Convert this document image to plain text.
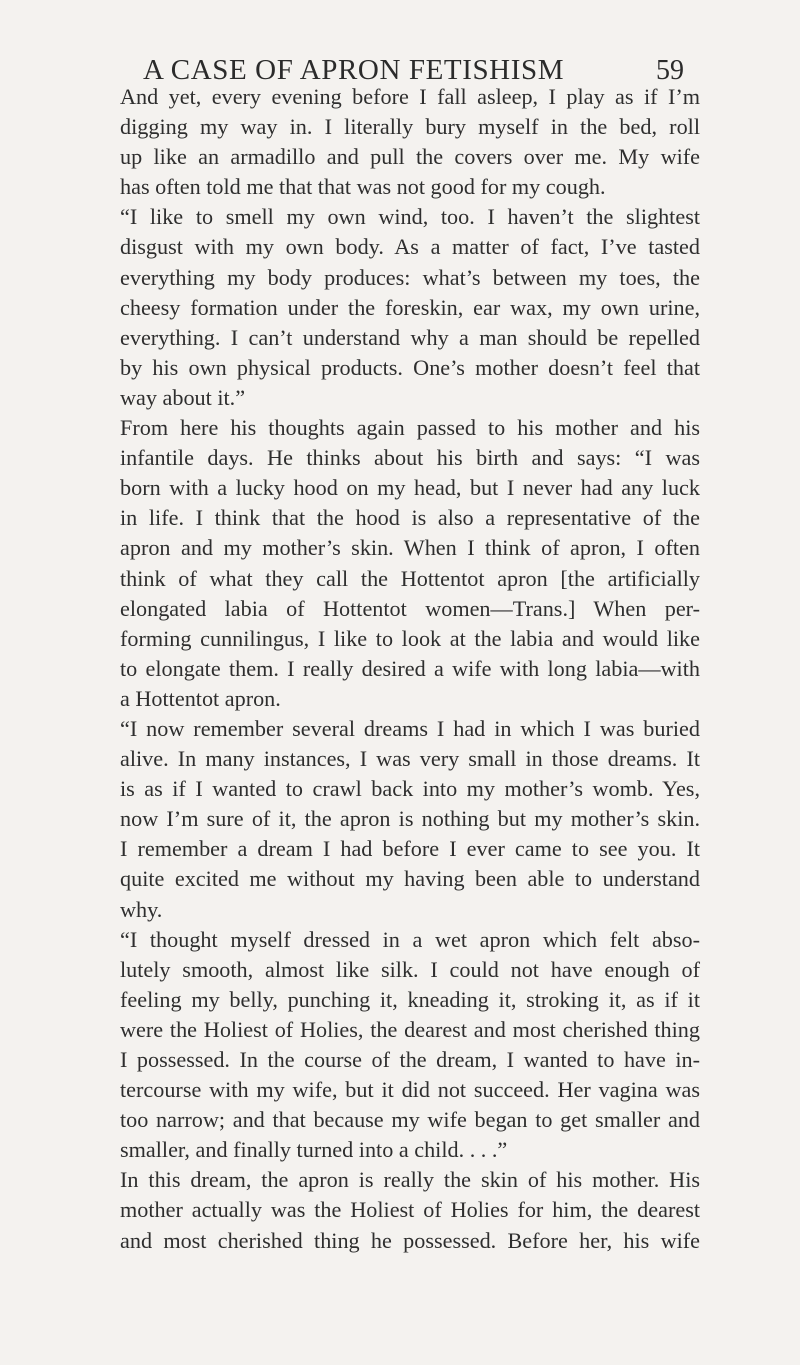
A CASE OF APRON FETISHISM	59

And yet, every evening before I fall asleep, I play as if I’m
digging my way in. I literally bury myself in the bed, roll
up like an armadillo and pull the covers over me. My wife
has often told me that that was not good for my cough.

“I like to smell my own wind, too. I haven’t the slightest
disgust with my own body. As a matter of fact, I’ve tasted
everything my body produces: what’s between my toes, the
cheesy formation under the foreskin, ear wax, my own urine,
everything. I can’t understand why a man should be repelled
by his own physical products. One’s mother doesn’t feel that
way about it.”

From here his thoughts again passed to his mother and his
infantile days. He thinks about his birth and says: “I was
born with a lucky hood on my head, but I never had any luck
in life. I think that the hood is also a representative of the
apron and my mother’s skin. When I think of apron, I often
think of what they call the Hottentot apron [the artificially
elongated labia of Hottentot women—Trans.] When per-
forming cunnilingus, I like to look at the labia and would like
to elongate them. I really desired a wife with long labia—with
a Hottentot apron.

“I now remember several dreams I had in which I was buried
alive. In many instances, I was very small in those dreams. It
is as if I wanted to crawl back into my mother’s womb. Yes,
now I’m sure of it, the apron is nothing but my mother’s skin.
I remember a dream I had before I ever came to see you. It
quite excited me without my having been able to understand
why.

“I thought myself dressed in a wet apron which felt abso-
lutely smooth, almost like silk. I could not have enough of
feeling my belly, punching it, kneading it, stroking it, as if it
were the Holiest of Holies, the dearest and most cherished thing
I possessed. In the course of the dream, I wanted to have in-
tercourse with my wife, but it did not succeed. Her vagina was
too narrow; and that because my wife began to get smaller and
smaller, and finally turned into a child. . . .”

In this dream, the apron is really the skin of his mother. His
mother actually was the Holiest of Holies for him, the dearest
and most cherished thing he possessed. Before her, his wife
